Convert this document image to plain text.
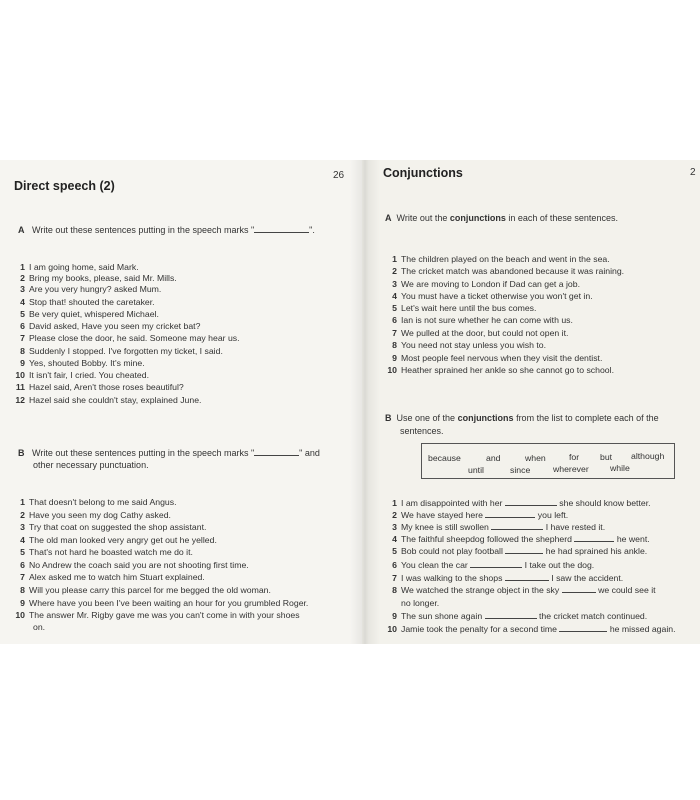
Direct speech (2)
26
A Write out these sentences putting in the speech marks "	".
1 I am going home, said Mark.
2 Bring my books, please, said Mr. Mills.
3 Are you very hungry? asked Mum.
4 Stop that! shouted the caretaker.
5 Be very quiet, whispered Michael.
6 David asked, Have you seen my cricket bat?
7 Please close the door, he said. Someone may hear us.
8 Suddenly I stopped. I've forgotten my ticket, I said.
9 Yes, shouted Bobby. It's mine.
10 It isn't fair, I cried. You cheated.
11 Hazel said, Aren't those roses beautiful?
12 Hazel said she couldn't stay, explained June.
B Write out these sentences putting in the speech marks "	" and
other necessary punctuation.
1 That doesn't belong to me said Angus.
2 Have you seen my dog Cathy asked.
3 Try that coat on suggested the shop assistant.
4 The old man looked very angry get out he yelled.
5 That's not hard he boasted watch me do it.
6 No Andrew the coach said you are not shooting first time.
7 Alex asked me to watch him Stuart explained.
8 Will you please carry this parcel for me begged the old woman.
9 Where have you been I've been waiting an hour for you grumbled Roger.
10 The answer Mr. Rigby gave me was you can't come in with your shoes
on.
Conjunctions	2
A Write out the conjunctions in each of these sentences.
1 The children played on the beach and went in the sea.
2 The cricket match was abandoned because it was raining.
3 We are moving to London if Dad can get a job.
4 You must have a ticket otherwise you won't get in.
5 Let's wait here until the bus comes.
6 Ian is not sure whether he can come with us.
7 We pulled at the door, but could not open it.
8 You need not stay unless you wish to.
9 Most people feel nervous when they visit the dentist.
10 Heather sprained her ankle so she cannot go to school.
B Use one of the conjunctions from the list to complete each of the
sentences.
because	and	when	for but although
until	since	wherever while
1 I am disappointed with her	she should know better.
2 We have stayed here	you left.
3 My knee is still swollen	I have rested it.
4 The faithful sheepdog followed the shepherd	he went.
5 Bob could not play football	he had sprained his ankle.
6 You clean the car	I take out the dog.
7 I was walking to the shops	I saw the accident.
8 We watched the strange object in the sky	we could see it
no longer.
9 The sun shone again	the cricket match continued.
10 Jamie took the penalty for a second time	he missed again.
